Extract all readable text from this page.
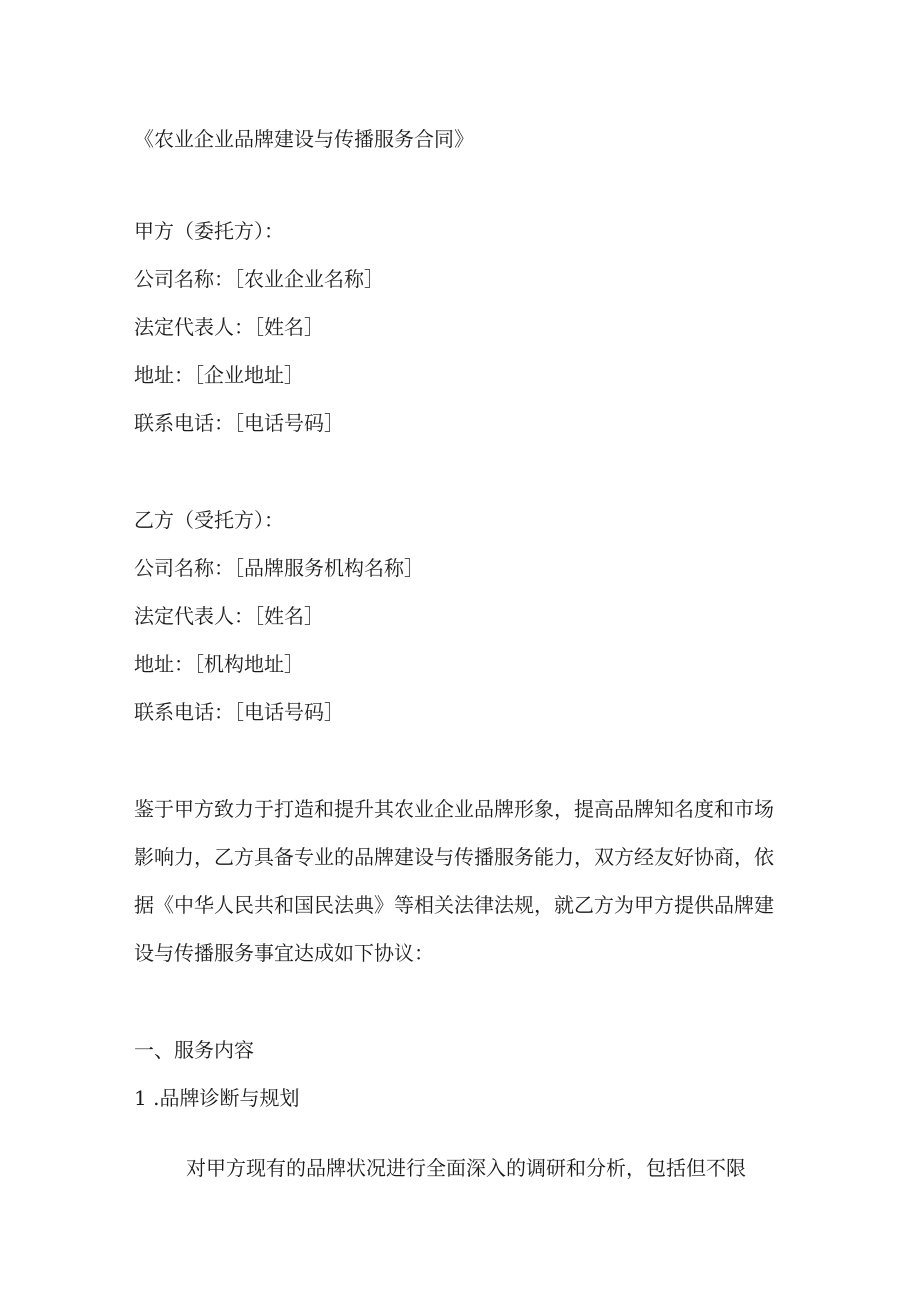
《农业企业品牌建设与传播服务合同》
甲方（委托方）：
公司名称：［农业企业名称］
法定代表人：［姓名］
地址：［企业地址］
联系电话：［电话号码］
乙方（受托方）：
公司名称：［品牌服务机构名称］
法定代表人：［姓名］
地址：［机构地址］
联系电话：［电话号码］
鉴于甲方致力于打造和提升其农业企业品牌形象，提高品牌知名度和市场
影响力，乙方具备专业的品牌建设与传播服务能力，双方经友好协商，依
据《中华人民共和国民法典》等相关法律法规，就乙方为甲方提供品牌建
设与传播服务事宜达成如下协议：
一、服务内容
1 .品牌诊断与规划
对甲方现有的品牌状况进行全面深入的调研和分析，包括但不限
